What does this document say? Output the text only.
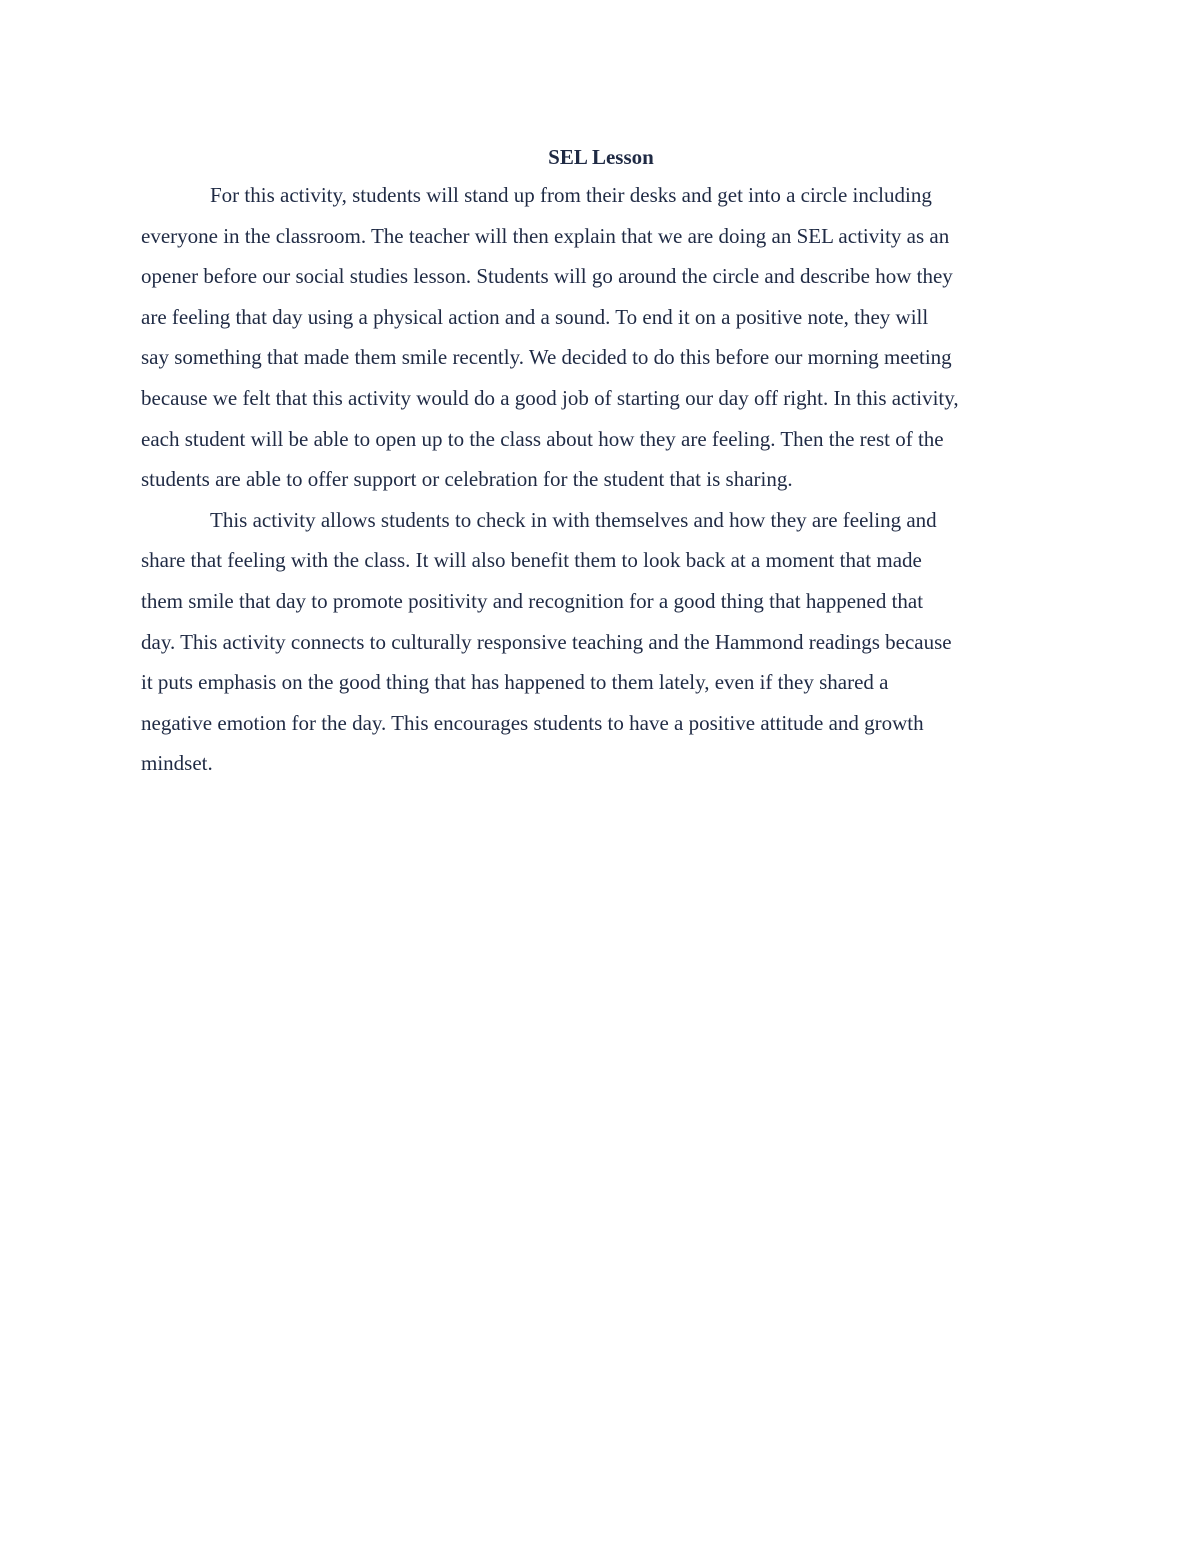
SEL Lesson

For this activity, students will stand up from their desks and get into a circle including
everyone in the classroom. The teacher will then explain that we are doing an SEL activity as an
opener before our social studies lesson. Students will go around the circle and describe how they
are feeling that day using a physical action and a sound. To end it on a positive note, they will
say something that made them smile recently. We decided to do this before our morning meeting
because we felt that this activity would do a good job of starting our day off right. In this activity,
each student will be able to open up to the class about how they are feeling. Then the rest of the
students are able to offer support or celebration for the student that is sharing.

This activity allows students to check in with themselves and how they are feeling and
share that feeling with the class. It will also benefit them to look back at a moment that made
them smile that day to promote positivity and recognition for a good thing that happened that
day. This activity connects to culturally responsive teaching and the Hammond readings because
it puts emphasis on the good thing that has happened to them lately, even if they shared a
negative emotion for the day. This encourages students to have a positive attitude and growth
mindset.
